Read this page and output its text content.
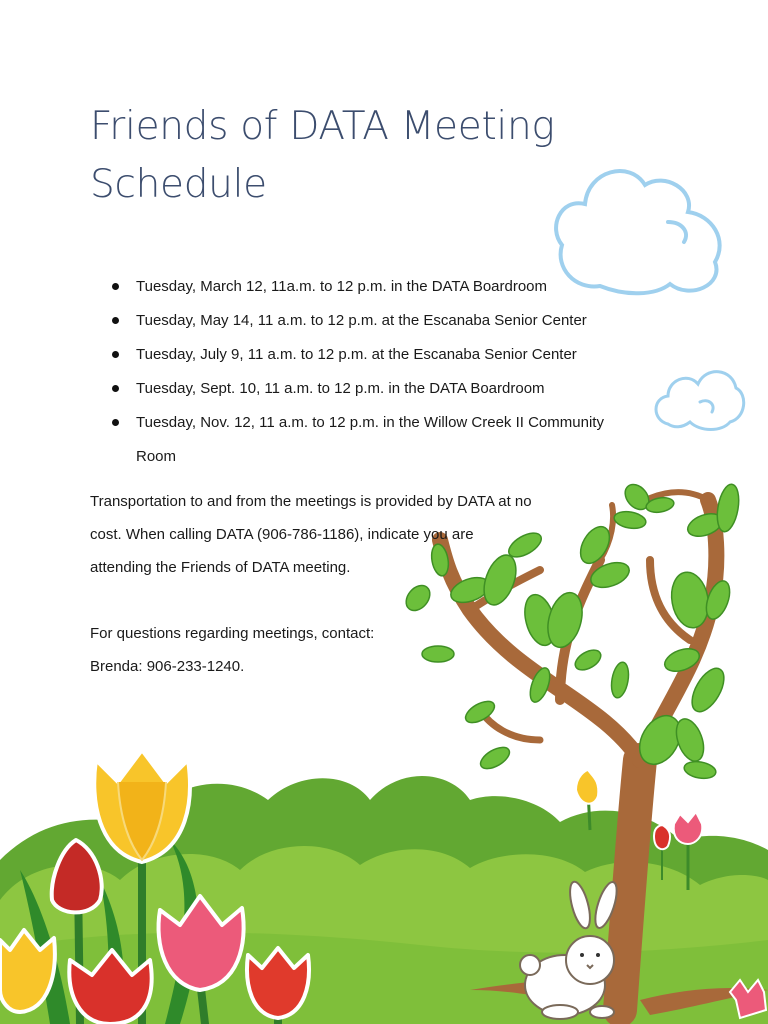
Friends of DATA Meeting
Schedule
Tuesday, March 12, 11a.m. to 12 p.m. in the DATA Boardroom
Tuesday, May 14, 11 a.m. to 12 p.m. at the Escanaba Senior Center
Tuesday, July 9, 11 a.m. to 12 p.m. at the Escanaba Senior Center
Tuesday, Sept. 10, 11 a.m. to 12 p.m. in the DATA Boardroom
Tuesday, Nov. 12, 11 a.m. to 12 p.m. in the Willow Creek II Community
Room

Transportation to and from the meetings is provided by DATA at no
cost. When calling DATA (906-786-1186), indicate you are
attending the Friends of DATA meeting.

For questions regarding meetings, contact:
Brenda: 906-233-1240.
